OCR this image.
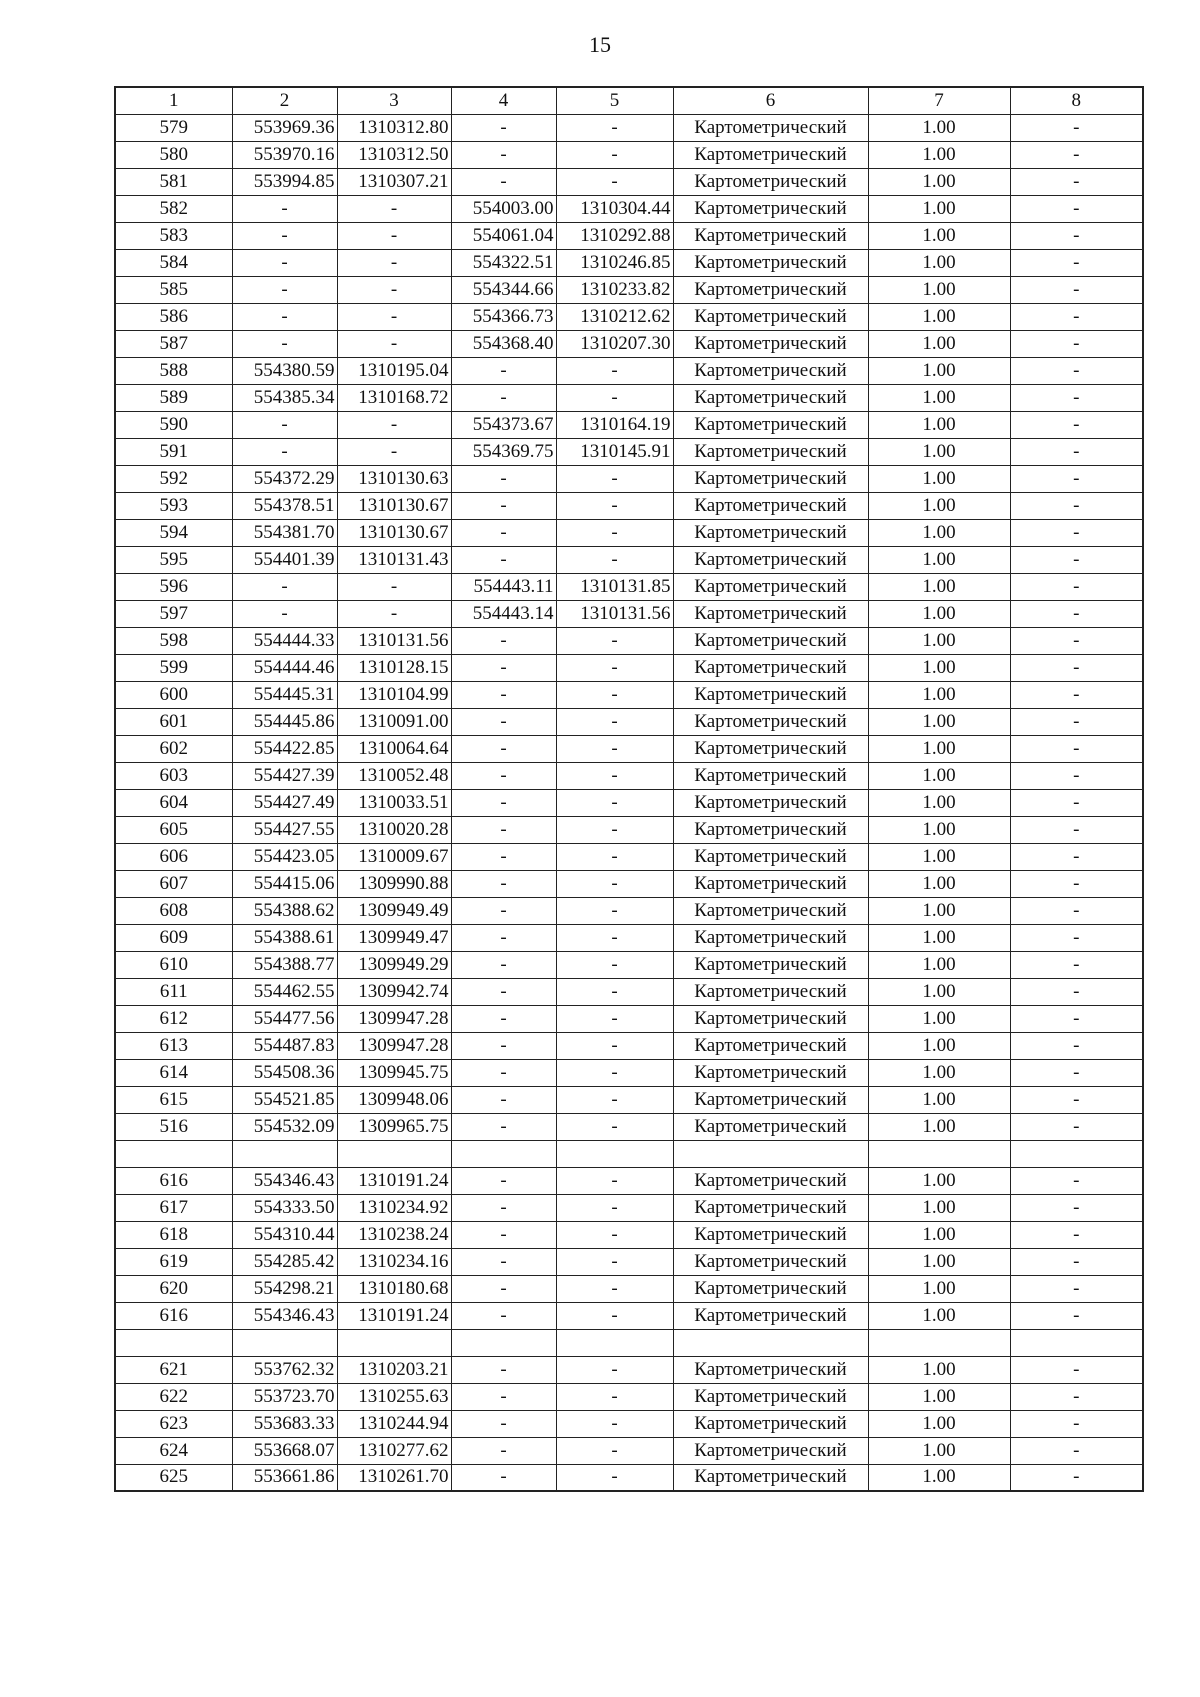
15
1	2	3	4	5	6	7	8
579	553969.36	1310312.80	-	-	Картометрический	1.00	-
580	553970.16	1310312.50	-	-	Картометрический	1.00	-
581	553994.85	1310307.21	-	-	Картометрический	1.00	-
582	-	-	554003.00	1310304.44	Картометрический	1.00	-
583	-	-	554061.04	1310292.88	Картометрический	1.00	-
584	-	-	554322.51	1310246.85	Картометрический	1.00	-
585	-	-	554344.66	1310233.82	Картометрический	1.00	-
586	-	-	554366.73	1310212.62	Картометрический	1.00	-
587	-	-	554368.40	1310207.30	Картометрический	1.00	-
588	554380.59	1310195.04	-	-	Картометрический	1.00	-
589	554385.34	1310168.72	-	-	Картометрический	1.00	-
590	-	-	554373.67	1310164.19	Картометрический	1.00	-
591	-	-	554369.75	1310145.91	Картометрический	1.00	-
592	554372.29	1310130.63	-	-	Картометрический	1.00	-
593	554378.51	1310130.67	-	-	Картометрический	1.00	-
594	554381.70	1310130.67	-	-	Картометрический	1.00	-
595	554401.39	1310131.43	-	-	Картометрический	1.00	-
596	-	-	554443.11	1310131.85	Картометрический	1.00	-
597	-	-	554443.14	1310131.56	Картометрический	1.00	-
598	554444.33	1310131.56	-	-	Картометрический	1.00	-
599	554444.46	1310128.15	-	-	Картометрический	1.00	-
600	554445.31	1310104.99	-	-	Картометрический	1.00	-
601	554445.86	1310091.00	-	-	Картометрический	1.00	-
602	554422.85	1310064.64	-	-	Картометрический	1.00	-
603	554427.39	1310052.48	-	-	Картометрический	1.00	-
604	554427.49	1310033.51	-	-	Картометрический	1.00	-
605	554427.55	1310020.28	-	-	Картометрический	1.00	-
606	554423.05	1310009.67	-	-	Картометрический	1.00	-
607	554415.06	1309990.88	-	-	Картометрический	1.00	-
608	554388.62	1309949.49	-	-	Картометрический	1.00	-
609	554388.61	1309949.47	-	-	Картометрический	1.00	-
610	554388.77	1309949.29	-	-	Картометрический	1.00	-
611	554462.55	1309942.74	-	-	Картометрический	1.00	-
612	554477.56	1309947.28	-	-	Картометрический	1.00	-
613	554487.83	1309947.28	-	-	Картометрический	1.00	-
614	554508.36	1309945.75	-	-	Картометрический	1.00	-
615	554521.85	1309948.06	-	-	Картометрический	1.00	-
516	554532.09	1309965.75	-	-	Картометрический	1.00	-

616	554346.43	1310191.24	-	-	Картометрический	1.00	-
617	554333.50	1310234.92	-	-	Картометрический	1.00	-
618	554310.44	1310238.24	-	-	Картометрический	1.00	-
619	554285.42	1310234.16	-	-	Картометрический	1.00	-
620	554298.21	1310180.68	-	-	Картометрический	1.00	-
616	554346.43	1310191.24	-	-	Картометрический	1.00	-

621	553762.32	1310203.21	-	-	Картометрический	1.00	-
622	553723.70	1310255.63	-	-	Картометрический	1.00	-
623	553683.33	1310244.94	-	-	Картометрический	1.00	-
624	553668.07	1310277.62	-	-	Картометрический	1.00	-
625	553661.86	1310261.70	-	-	Картометрический	1.00	-
